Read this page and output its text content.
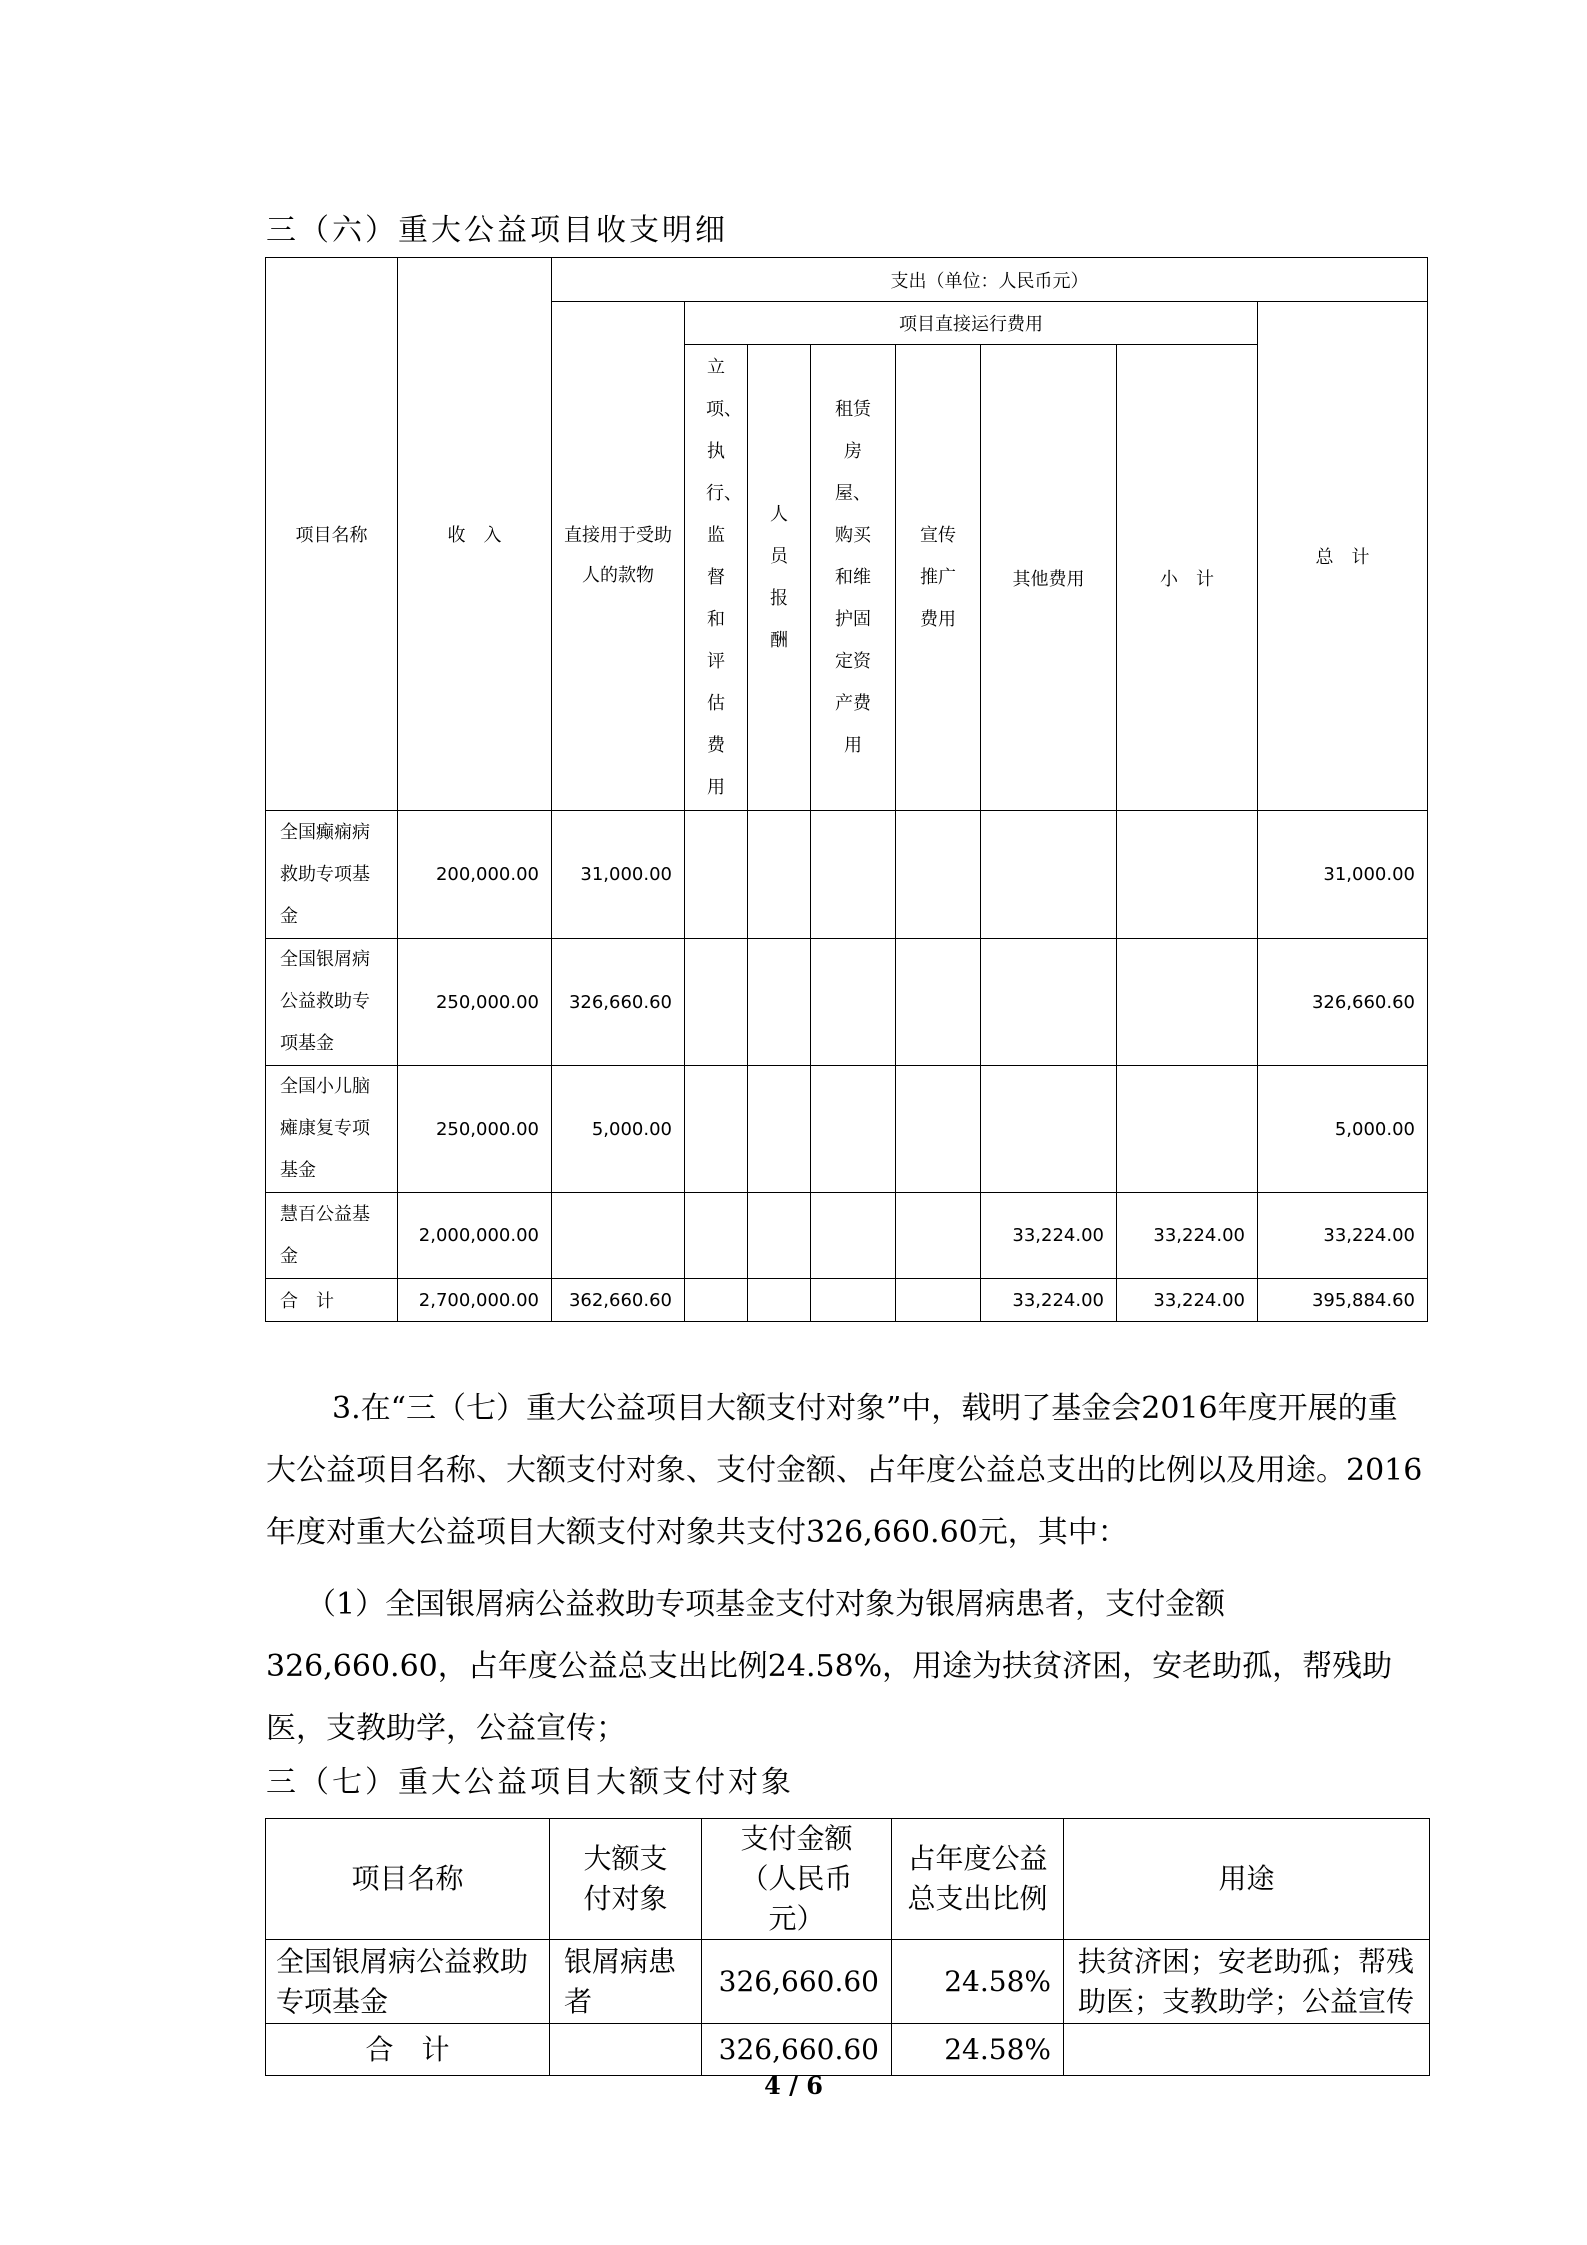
三（六）重大公益项目收支明细
项目名称	收　入	支出（单位：人民币元）							

		直接用于受助人的款物	项目直接运行费用						总　计

			立项、执行、监督和评估费用	人员报酬	租赁房屋、购买和维护固定资产费用	宣传推广费用	其他费用	小　计	

全国癫痫病救助专项基金	200,000.00	31,000.00							31,000.00

全国银屑病公益救助专项基金	250,000.00	326,660.60							326,660.60

全国小儿脑瘫康复专项基金	250,000.00	5,000.00							5,000.00

慧百公益基金	2,000,000.00						33,224.00	33,224.00	33,224.00
合　计	2,700,000.00	362,660.60					33,224.00	33,224.00	395,884.60
3.在“三（七）重大公益项目大额支付对象”中，载明了基金会2016年度开展的重大公益项目名称、大额支付对象、支付金额、占年度公益总支出的比例以及用途。2016年度对重大公益项目大额支付对象共支付326,660.60元，其中：
（1）全国银屑病公益救助专项基金支付对象为银屑病患者，支付金额326,660.60，占年度公益总支出比例24.58%，用途为扶贫济困，安老助孤，帮残助医，支教助学，公益宣传；
三（七）重大公益项目大额支付对象
项目名称	大额支付对象	支付金额（人民币元）	占年度公益总支出比例	用途

全国银屑病公益救助专项基金	银屑病患者	326,660.60	24.58%	扶贫济困；安老助孤；帮残助医；支教助学；公益宣传

合　计		326,660.60	24.58%	
4 / 6
